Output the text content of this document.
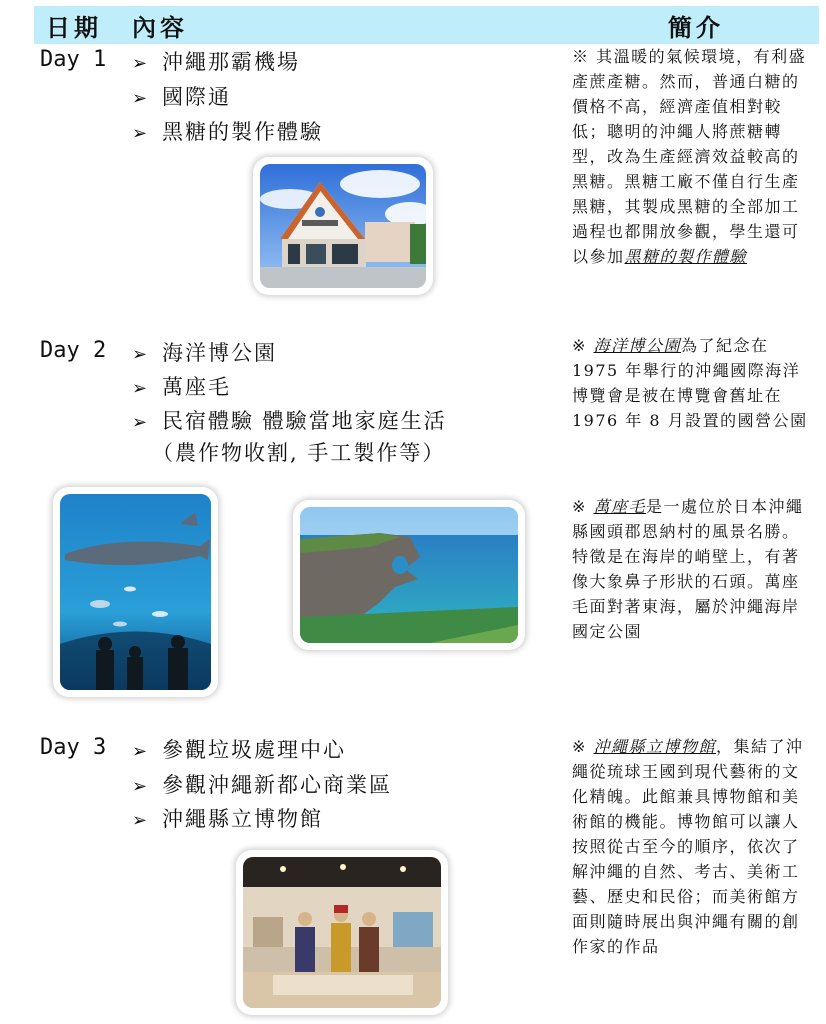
日期 內容	簡介
Day 1 ➢ 沖繩那霸機場
➢ 國際通
➢ 黑糖的製作體驗
※ 其溫暖的氣候環境，有利盛產蔗產糖。然而，普通白糖的價格不高，經濟產值相對較低；聰明的沖繩人將蔗糖轉型，改為生產經濟效益較高的黑糖。黑糖工廠不僅自行生產黑糖，其製成黑糖的全部加工過程也都開放參觀，學生還可以參加黑糖的製作體驗
Day 2 ➢ 海洋博公園
➢ 萬座毛
➢ 民宿體驗 體驗當地家庭生活
（農作物收割, 手工製作等）
※ 海洋博公園為了紀念在 1975 年舉行的沖繩國際海洋博覽會是被在博覽會舊址在 1976 年 8 月設置的國營公園
※ 萬座毛是一處位於日本沖繩縣國頭郡恩納村的風景名勝。特徵是在海岸的峭壁上，有著像大象鼻子形狀的石頭。萬座毛面對著東海，屬於沖繩海岸國定公園
Day 3 ➢ 參觀垃圾處理中心
➢ 參觀沖繩新都心商業區
➢ 沖繩縣立博物館
※ 沖繩縣立博物館，集結了沖繩從琉球王國到現代藝術的文化精魄。此館兼具博物館和美術館的機能。博物館可以讓人按照從古至今的順序，依次了解沖繩的自然、考古、美術工藝、歷史和民俗；而美術館方面則隨時展出與沖繩有關的創作家的作品
